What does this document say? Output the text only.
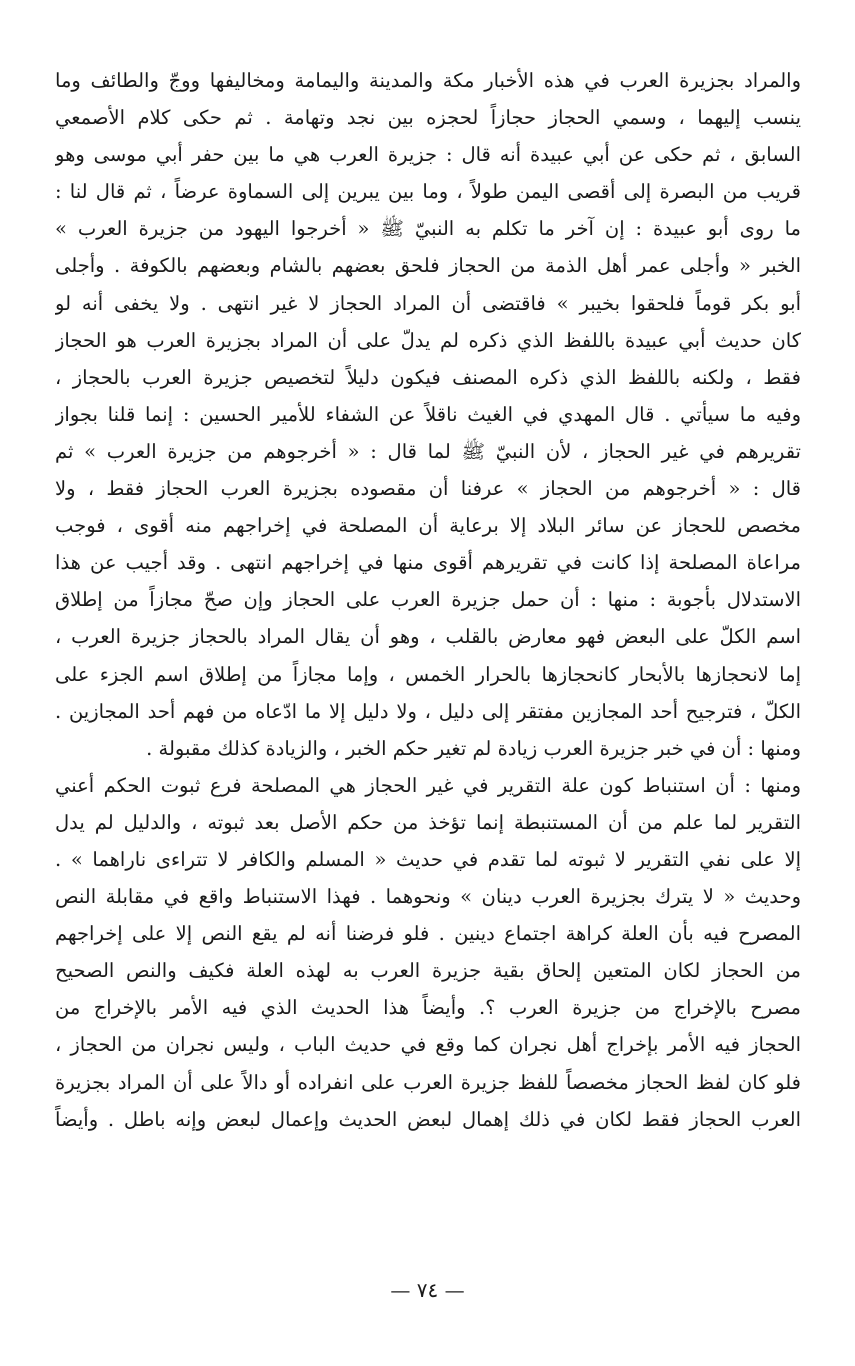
والمراد بجزيرة العرب في هذه الأخبار مكة والمدينة واليمامة ومخاليفها ووجّ والطائف وما
ينسب إليهما ، وسمي الحجاز حجازاً لحجزه بين نجد وتهامة . ثم حكى كلام الأصمعي
السابق ، ثم حكى عن أبي عبيدة أنه قال : جزيرة العرب هي ما بين حفر أبي موسى وهو
قريب من البصرة إلى أقصى اليمن طولاً ، وما بين يبرين إلى السماوة عرضاً ، ثم قال لنا :
ما روى أبو عبيدة : إن آخر ما تكلم به النبيّ ﷺ « أخرجوا اليهود من جزيرة العرب »
الخبر « وأجلى عمر أهل الذمة من الحجاز فلحق بعضهم بالشام وبعضهم بالكوفة . وأجلى
أبو بكر قوماً فلحقوا بخيبر » فاقتضى أن المراد الحجاز لا غير انتهى . ولا يخفى أنه لو
كان حديث أبي عبيدة باللفظ الذي ذكره لم يدلّ على أن المراد بجزيرة العرب هو الحجاز
فقط ، ولكنه باللفظ الذي ذكره المصنف فيكون دليلاً لتخصيص جزيرة العرب بالحجاز ،
وفيه ما سيأتي . قال المهدي في الغيث ناقلاً عن الشفاء للأمير الحسين : إنما قلنا بجواز
تقريرهم في غير الحجاز ، لأن النبيّ ﷺ لما قال : « أخرجوهم من جزيرة العرب » ثم
قال : « أخرجوهم من الحجاز » عرفنا أن مقصوده بجزيرة العرب الحجاز فقط ، ولا
مخصص للحجاز عن سائر البلاد إلا برعاية أن المصلحة في إخراجهم منه أقوى ، فوجب
مراعاة المصلحة إذا كانت في تقريرهم أقوى منها في إخراجهم انتهى . وقد أجيب عن هذا
الاستدلال بأجوبة : منها : أن حمل جزيرة العرب على الحجاز وإن صحّ مجازاً من إطلاق
اسم الكلّ على البعض فهو معارض بالقلب ، وهو أن يقال المراد بالحجاز جزيرة العرب ،
إما لانحجازها بالأبحار كانحجازها بالحرار الخمس ، وإما مجازاً من إطلاق اسم الجزء على
الكلّ ، فترجيح أحد المجازين مفتقر إلى دليل ، ولا دليل إلا ما ادّعاه من فهم أحد المجازين .
ومنها : أن في خبر جزيرة العرب زيادة لم تغير حكم الخبر ، والزيادة كذلك مقبولة .
ومنها : أن استنباط كون علة التقرير في غير الحجاز هي المصلحة فرع ثبوت الحكم أعني
التقرير لما علم من أن المستنبطة إنما تؤخذ من حكم الأصل بعد ثبوته ، والدليل لم يدل
إلا على نفي التقرير لا ثبوته لما تقدم في حديث « المسلم والكافر لا تتراءى ناراهما » .
وحديث « لا يترك بجزيرة العرب دينان » ونحوهما . فهذا الاستنباط واقع في مقابلة النص
المصرح فيه بأن العلة كراهة اجتماع دينين . فلو فرضنا أنه لم يقع النص إلا على إخراجهم
من الحجاز لكان المتعين إلحاق بقية جزيرة العرب به لهذه العلة فكيف والنص الصحيح
مصرح بالإخراج من جزيرة العرب ؟. وأيضاً هذا الحديث الذي فيه الأمر بالإخراج من
الحجاز فيه الأمر بإخراج أهل نجران كما وقع في حديث الباب ، وليس نجران من الحجاز ،
فلو كان لفظ الحجاز مخصصاً للفظ جزيرة العرب على انفراده أو دالاً على أن المراد بجزيرة
العرب الحجاز فقط لكان في ذلك إهمال لبعض الحديث وإعمال لبعض وإنه باطل . وأيضاً
— ٧٤ —
